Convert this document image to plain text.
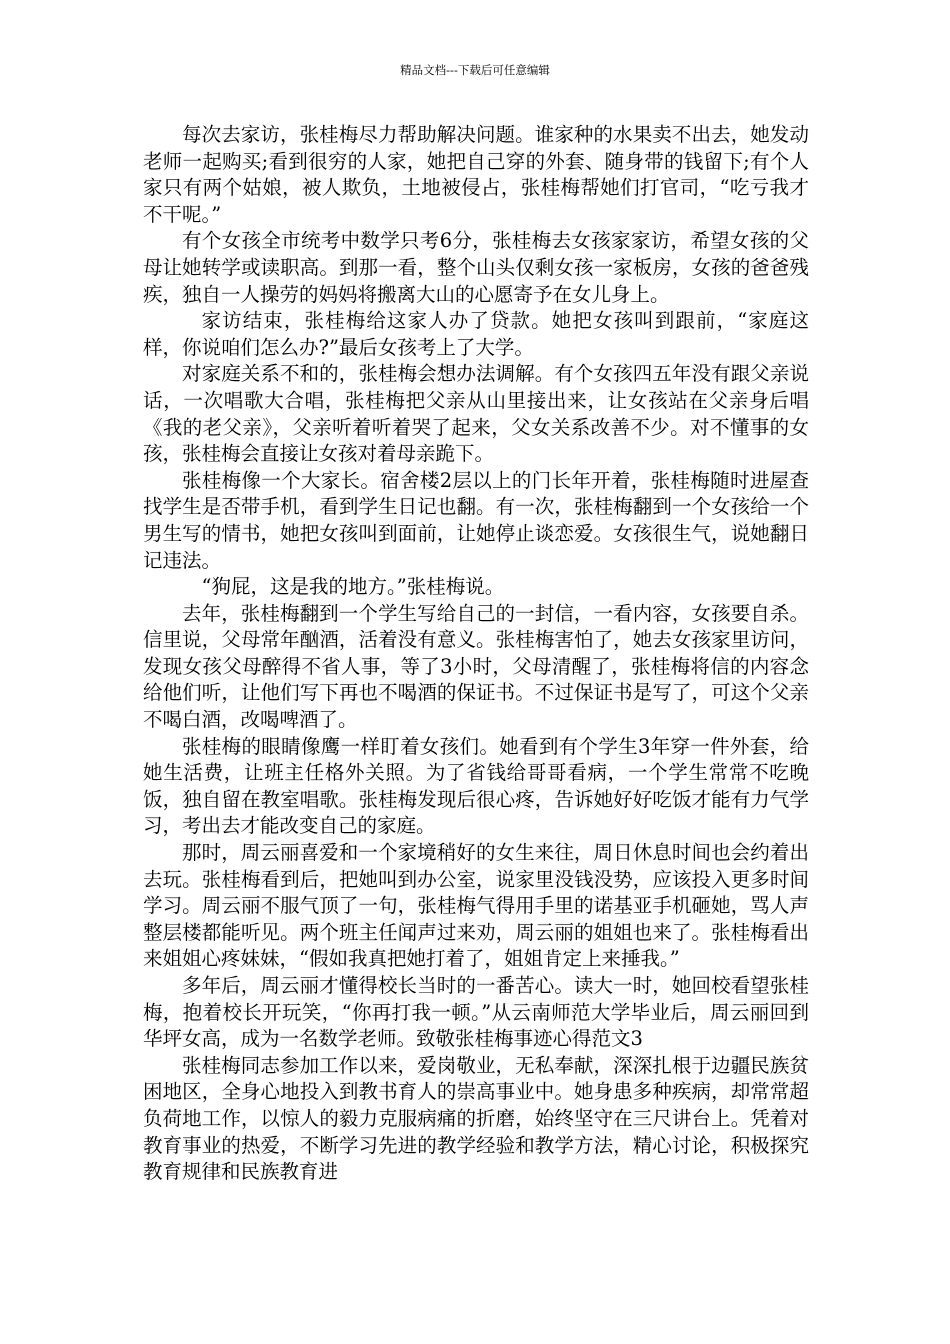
精品文档---下载后可任意编辑

每次去家访，张桂梅尽力帮助解决问题。谁家种的水果卖不出去，她发动老师一起购买;看到很穷的人家，她把自己穿的外套、随身带的钱留下;有个人家只有两个姑娘，被人欺负，土地被侵占，张桂梅帮她们打官司，“吃亏我才不干呢。”

有个女孩全市统考中数学只考6分，张桂梅去女孩家家访，希望女孩的父母让她转学或读职高。到那一看，整个山头仅剩女孩一家板房，女孩的爸爸残疾，独自一人操劳的妈妈将搬离大山的心愿寄予在女儿身上。

家访结束，张桂梅给这家人办了贷款。她把女孩叫到跟前，“家庭这样，你说咱们怎么办?”最后女孩考上了大学。

对家庭关系不和的，张桂梅会想办法调解。有个女孩四五年没有跟父亲说话，一次唱歌大合唱，张桂梅把父亲从山里接出来，让女孩站在父亲身后唱《我的老父亲》，父亲听着听着哭了起来，父女关系改善不少。对不懂事的女孩，张桂梅会直接让女孩对着母亲跪下。

张桂梅像一个大家长。宿舍楼2层以上的门长年开着，张桂梅随时进屋查找学生是否带手机，看到学生日记也翻。有一次，张桂梅翻到一个女孩给一个男生写的情书，她把女孩叫到面前，让她停止谈恋爱。女孩很生气，说她翻日记违法。

“狗屁，这是我的地方。”张桂梅说。

去年，张桂梅翻到一个学生写给自己的一封信，一看内容，女孩要自杀。信里说，父母常年酗酒，活着没有意义。张桂梅害怕了，她去女孩家里访问，发现女孩父母醉得不省人事，等了3小时，父母清醒了，张桂梅将信的内容念给他们听，让他们写下再也不喝酒的保证书。不过保证书是写了，可这个父亲不喝白酒，改喝啤酒了。

张桂梅的眼睛像鹰一样盯着女孩们。她看到有个学生3年穿一件外套，给她生活费，让班主任格外关照。为了省钱给哥哥看病，一个学生常常不吃晚饭，独自留在教室唱歌。张桂梅发现后很心疼，告诉她好好吃饭才能有力气学习，考出去才能改变自己的家庭。

那时，周云丽喜爱和一个家境稍好的女生来往，周日休息时间也会约着出去玩。张桂梅看到后，把她叫到办公室，说家里没钱没势，应该投入更多时间学习。周云丽不服气顶了一句，张桂梅气得用手里的诺基亚手机砸她，骂人声整层楼都能听见。两个班主任闻声过来劝，周云丽的姐姐也来了。张桂梅看出来姐姐心疼妹妹，“假如我真把她打着了，姐姐肯定上来捶我。”

多年后，周云丽才懂得校长当时的一番苦心。读大一时，她回校看望张桂梅，抱着校长开玩笑，“你再打我一顿。”从云南师范大学毕业后，周云丽回到华坪女高，成为一名数学老师。致敬张桂梅事迹心得范文3

张桂梅同志参加工作以来，爱岗敬业，无私奉献，深深扎根于边疆民族贫困地区，全身心地投入到教书育人的崇高事业中。她身患多种疾病，却常常超负荷地工作，以惊人的毅力克服病痛的折磨，始终坚守在三尺讲台上。凭着对教育事业的热爱，不断学习先进的教学经验和教学方法，精心讨论，积极探究教育规律和民族教育进
